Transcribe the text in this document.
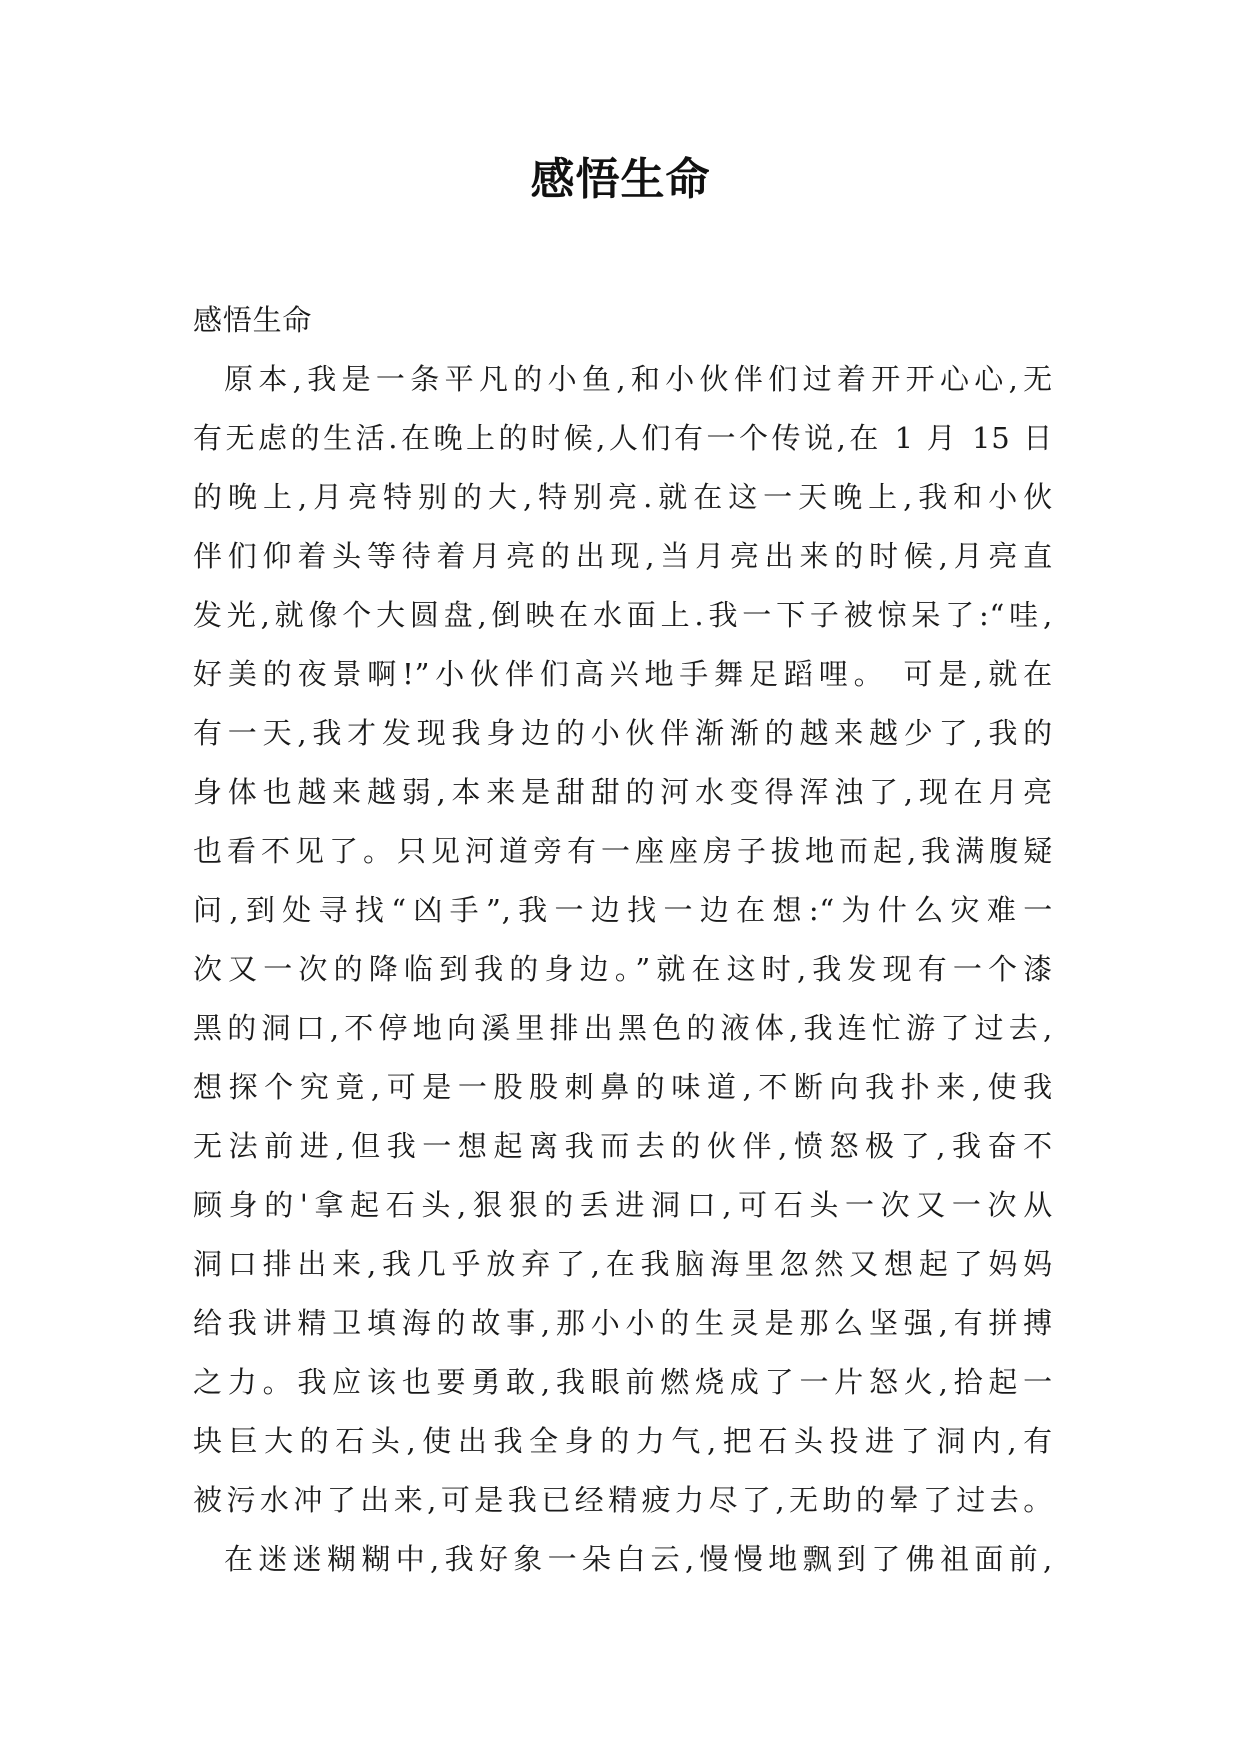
感悟生命
感悟生命
原本,我是一条平凡的小鱼,和小伙伴们过着开开心心,无
有无虑的生活.在晚上的时候,人们有一个传说,在 1 月 15 日
的晚上,月亮特别的大,特别亮.就在这一天晚上,我和小伙
伴们仰着头等待着月亮的出现,当月亮出来的时候,月亮直
发光,就像个大圆盘,倒映在水面上.我一下子被惊呆了:“哇,
好美的夜景啊!”小伙伴们高兴地手舞足蹈哩。 可是,就在
有一天,我才发现我身边的小伙伴渐渐的越来越少了,我的
身体也越来越弱,本来是甜甜的河水变得浑浊了,现在月亮
也看不见了。只见河道旁有一座座房子拔地而起,我满腹疑
问,到处寻找“凶手”,我一边找一边在想:“为什么灾难一
次又一次的降临到我的身边。”就在这时,我发现有一个漆
黑的洞口,不停地向溪里排出黑色的液体,我连忙游了过去,
想探个究竟,可是一股股刺鼻的味道,不断向我扑来,使我
无法前进,但我一想起离我而去的伙伴,愤怒极了,我奋不
顾身的'拿起石头,狠狠的丢进洞口,可石头一次又一次从
洞口排出来,我几乎放弃了,在我脑海里忽然又想起了妈妈
给我讲精卫填海的故事,那小小的生灵是那么坚强,有拼搏
之力。我应该也要勇敢,我眼前燃烧成了一片怒火,拾起一
块巨大的石头,使出我全身的力气,把石头投进了洞内,有
被污水冲了出来,可是我已经精疲力尽了,无助的晕了过去。
在迷迷糊糊中,我好象一朵白云,慢慢地飘到了佛祖面前,
